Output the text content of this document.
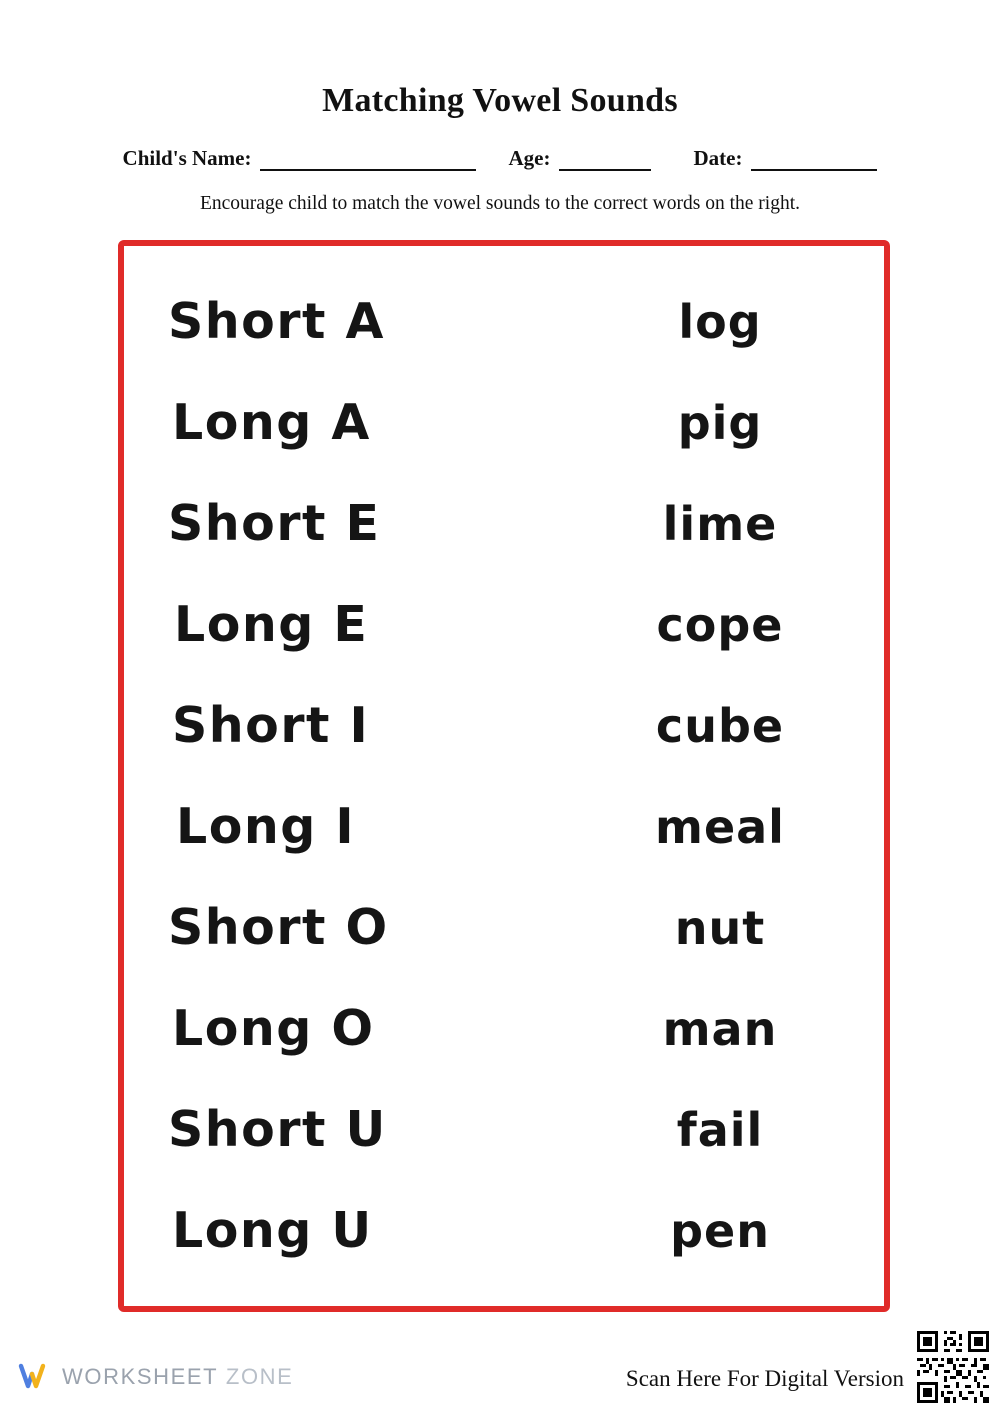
Matching Vowel Sounds
Child's Name:	Age:	Date:
Encourage child to match the vowel sounds to the correct words on the right.
Short A	log
Long A	pig
Short E	lime
Long E	cope
Short I	cube
Long I	meal
Short O	nut
Long O	man
Short U	fail
Long U	pen
WORKSHEET ZONE	Scan Here For Digital Version
